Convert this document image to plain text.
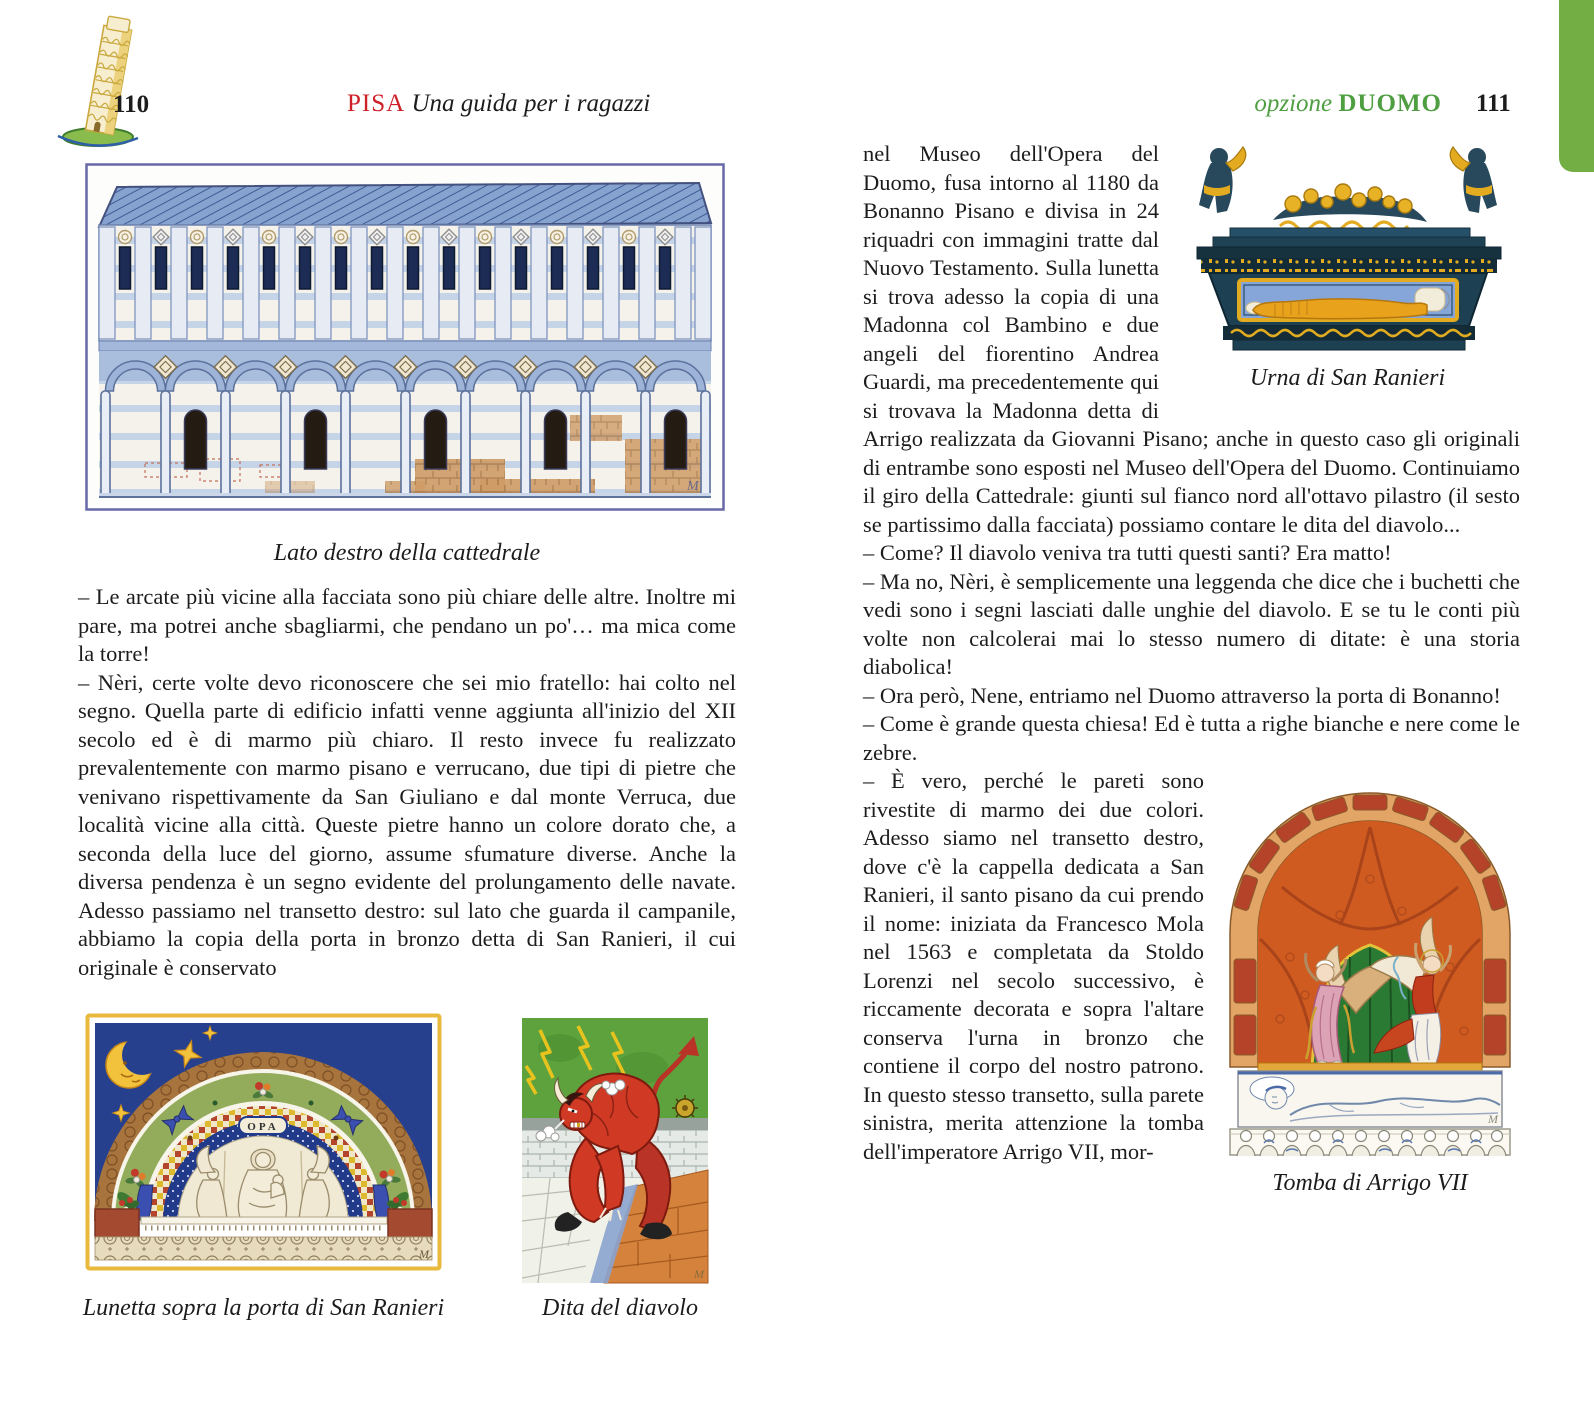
110	PISA Una guida per i ragazzi	opzione DUOMO 111
M
Lato destro della cattedrale

– Le arcate più vicine alla facciata sono più chiare delle altre. Inoltre mi pare, ma potrei anche sbagliarmi, che pendano un po'… ma mica come la torre!

– Nèri, certe volte devo riconoscere che sei mio fratello: hai colto nel segno. Quella parte di edificio infatti venne aggiunta all'inizio del XII secolo ed è di marmo più chiaro. Il resto invece fu realizzato prevalentemente con marmo pisano e verrucano, due tipi di pietre che venivano rispettivamente da San Giuliano e dal monte Verruca, due località vicine alla città. Queste pietre hanno un colore dorato che, a seconda della luce del giorno, assume sfumature diverse. Anche la diversa pendenza è un segno evidente del prolungamento delle navate. Adesso passiamo nel transetto destro: sul lato che guarda il campanile, abbiamo la copia della porta in bronzo detta di San Ranieri, il cui originale è conservato

OPA
M
Lunetta sopra la porta di San Ranieri
M
Dita del diavolo
Urna di San Ranieri

nel Museo dell'Opera del Duomo, fusa intorno al 1180 da Bonanno Pisano e divisa in 24 riquadri con immagini tratte dal Nuovo Testamento. Sulla lunetta si trova adesso la copia di una Madonna col Bambino e due angeli del fiorentino Andrea Guardi, ma precedentemente qui si trovava la Madonna detta di Arrigo realizzata da Giovanni Pisano; anche in questo caso gli originali di entrambe sono esposti nel Museo dell'Opera del Duomo. Continuiamo il giro della Cattedrale: giunti sul fianco nord all'ottavo pilastro (il sesto se partissimo dalla facciata) possiamo contare le dita del diavolo...

– Come? Il diavolo veniva tra tutti questi santi? Era matto!

– Ma no, Nèri, è semplicemente una leggenda che dice che i buchetti che vedi sono i segni lasciati dalle unghie del diavolo. E se tu le conti più volte non calcolerai mai lo stesso numero di ditate: è una storia diabolica!

– Ora però, Nene, entriamo nel Duomo attraverso la porta di Bonanno!

– Come è grande questa chiesa! Ed è tutta a righe bianche e nere come le zebre.

M
Tomba di Arrigo VII

– È vero, perché le pareti sono rivestite di marmo dei due colori. Adesso siamo nel transetto destro, dove c'è la cappella dedicata a San Ranieri, il santo pisano da cui prendo il nome: iniziata da Francesco Mola nel 1563 e completata da Stoldo Lorenzi nel secolo successivo, è riccamente decorata e sopra l'altare conserva l'urna in bronzo che contiene il corpo del nostro patrono. In questo stesso transetto, sulla parete sinistra, merita attenzione la tomba dell'imperatore Arrigo VII, mor-
